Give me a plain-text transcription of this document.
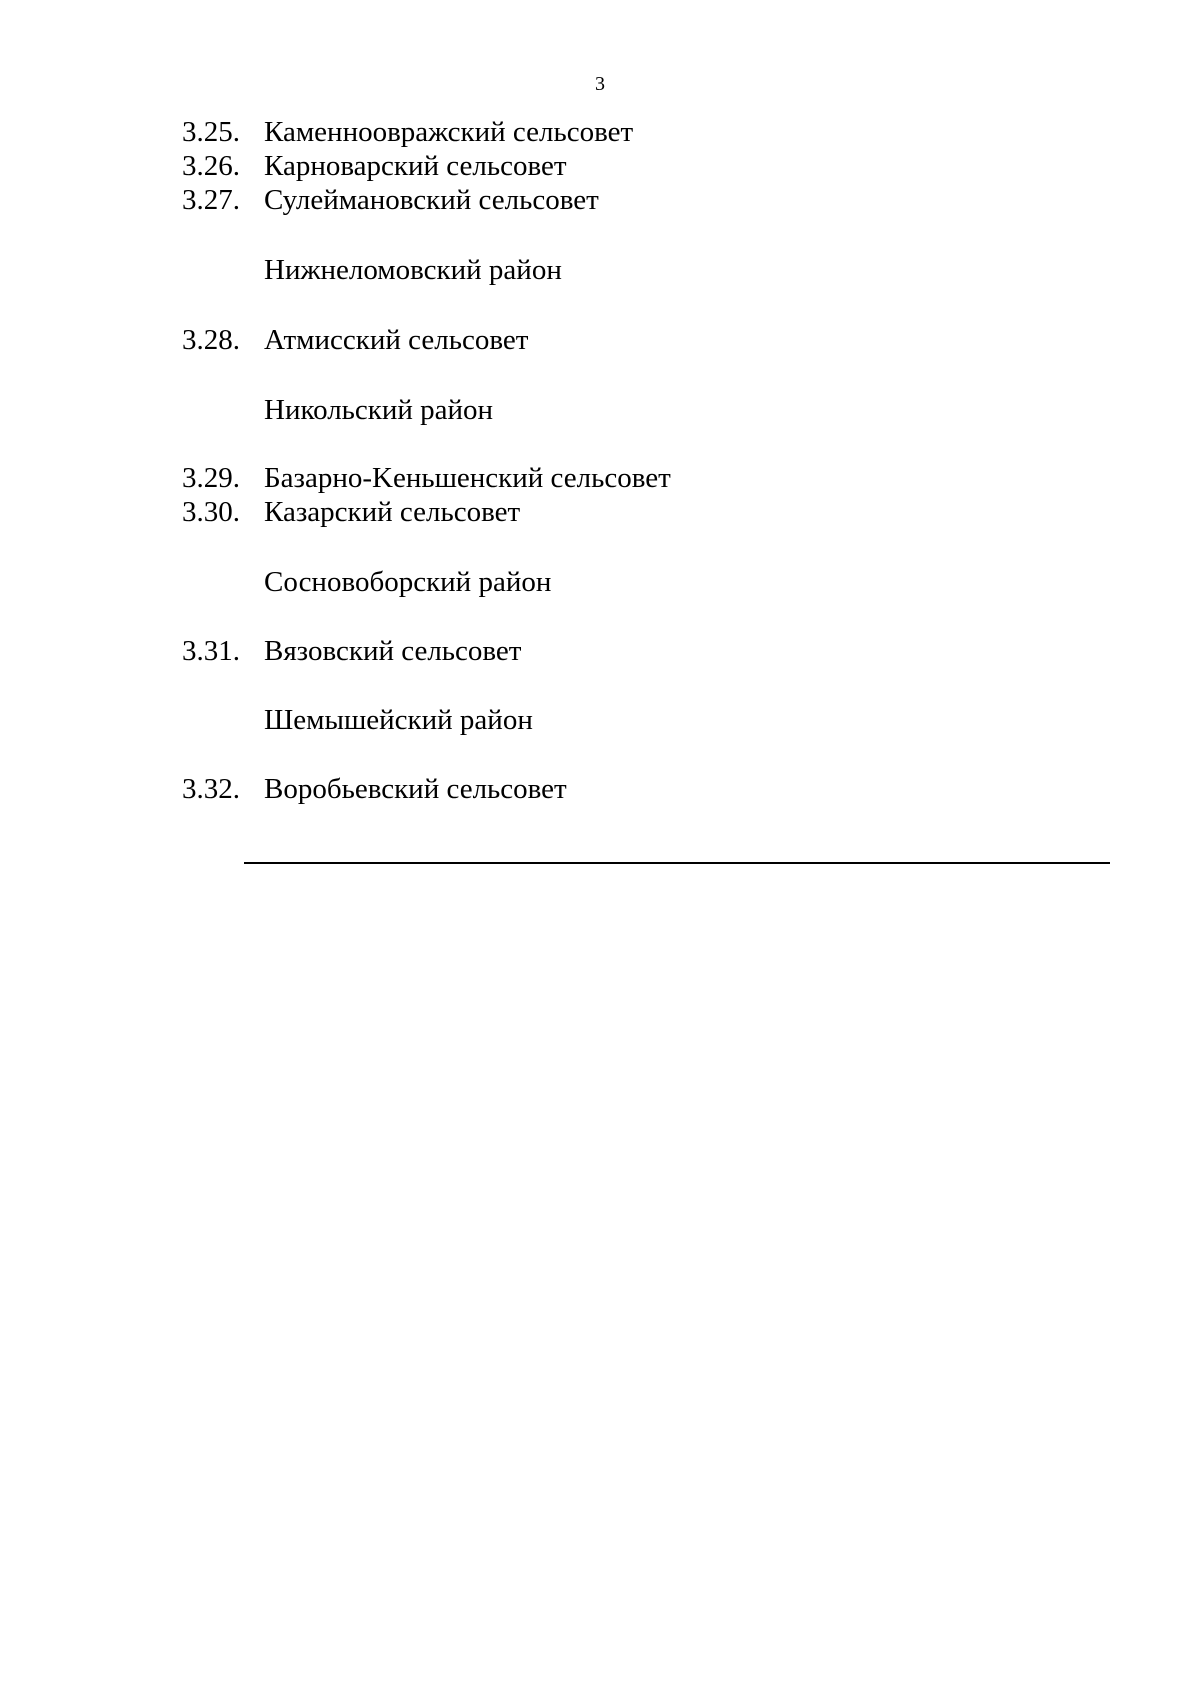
3
3.25. Каменноовражский сельсовет
3.26. Карноварский сельсовет
3.27. Сулеймановский сельсовет
Нижнеломовский район
3.28. Атмисский сельсовет
Никольский район
3.29. Базарно-Keньшенский сельсовет
3.30. Казарский сельсовет
Сосновоборский район
3.31. Вязовский сельсовет
Шемышейский район
3.32. Воробьевский сельсовет
